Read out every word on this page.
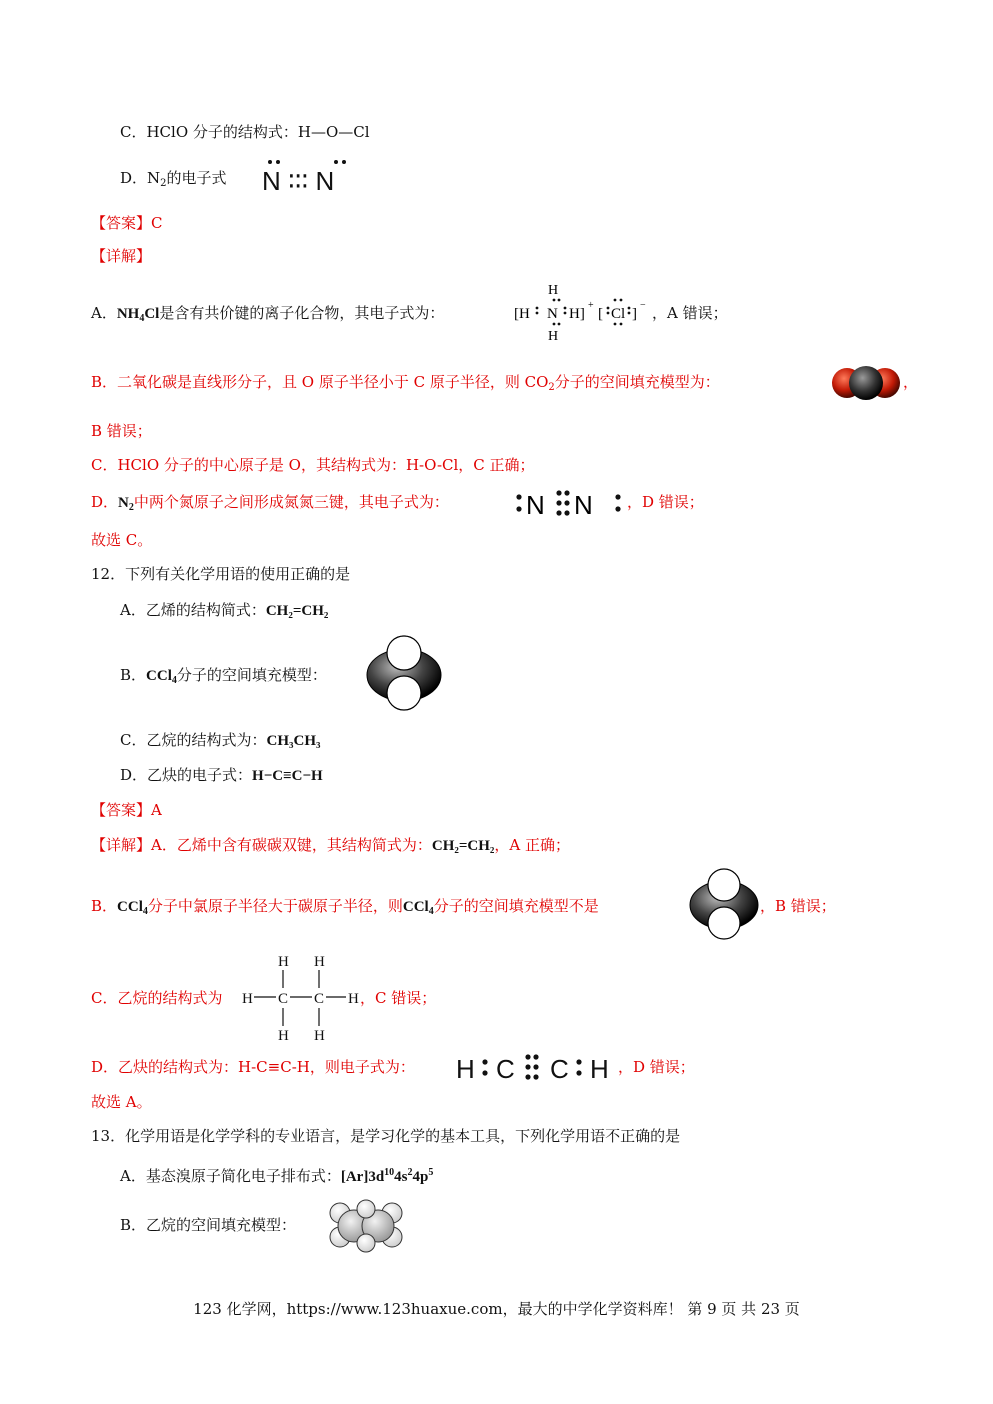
C．HClO 分子的结构式：H—O—Cl
D．$N_2$的电子式 N ∶∶∶ N
【答案】C
【详解】
A．$NH_4Cl$是含有共价键的离子化合物，其电子式为：
H
[H N H]
+
[ Cl ]
−
H
，A 错误；
B．二氧化碳是直线形分子，且 O 原子半径小于 C 原子半径，则 $CO_2$分子的空间填充模型为：	，
B 错误；
C．HClO 分子的中心原子是 O，其结构式为：H-O-Cl，C 正确；
D．$N_2$中两个氮原子之间形成氮氮三键，其电子式为：	N N ，D 错误；
故选 C。
12．下列有关化学用语的使用正确的是
A．乙烯的结构简式：CH₂=CH₂
B．CCl$_4$分子的空间填充模型：
C．乙烷的结构式为：CH₃CH₃
D．乙炔的电子式：H−C≡C−H
【答案】A
【详解】A．乙烯中含有碳碳双键，其结构简式为：CH₂=CH₂，A 正确；
B．CCl$_4$分子中氯原子半径大于碳原子半径，则CCl$_4$分子的空间填充模型不是	，B 错误；
C．乙烷的结构式为
H H
H C C H
H H
，C 错误；
D．乙炔的结构式为：H-C≡C-H，则电子式为： H C C H ，D 错误；
故选 A。
13．化学用语是化学学科的专业语言，是学习化学的基本工具，下列化学用语不正确的是
A．基态溴原子简化电子排布式：$[Ar]3d^{10}4s^24p^5$
B．乙烷的空间填充模型：
123 化学网，https://www.123huaxue.com，最大的中学化学资料库！ 第 9 页 共 23 页
